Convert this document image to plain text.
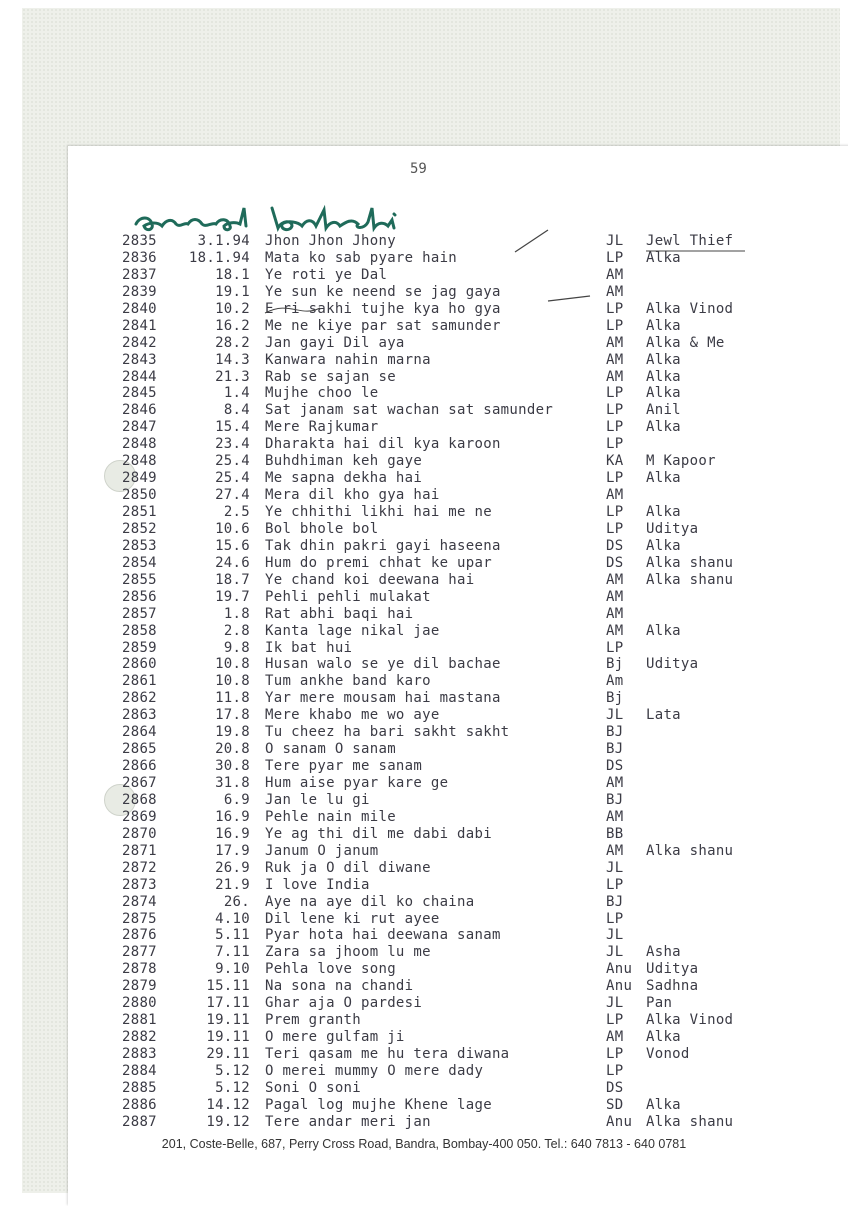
59
2835	3.1.94 Jhon Jhon Jhony	JL Jewl Thief
2836 18.1.94 Mata ko sab pyare hain	LP Alka
2837	18.1 Ye roti ye Dal	AM
2839	19.1 Ye sun ke neend se jag gaya	AM
2840	10.2 E ri sakhi tujhe kya ho gya	LP Alka Vinod
2841	16.2 Me ne kiye par sat samunder	LP Alka
2842	28.2 Jan gayi Dil aya	AM Alka & Me
2843	14.3 Kanwara nahin marna	AM Alka
2844	21.3 Rab se sajan se	AM Alka
2845	1.4 Mujhe choo le	LP Alka
2846	8.4 Sat janam sat wachan sat samunder	LP Anil
2847	15.4 Mere Rajkumar	LP Alka
2848	23.4 Dharakta hai dil kya karoon	LP
2848	25.4 Buhdhiman keh gaye	KA M Kapoor
2849	25.4 Me sapna dekha hai	LP Alka
2850	27.4 Mera dil kho gya hai	AM
2851	2.5 Ye chhithi likhi hai me ne	LP Alka
2852	10.6 Bol bhole bol	LP Uditya
2853	15.6 Tak dhin pakri gayi haseena	DS Alka
2854	24.6 Hum do premi chhat ke upar	DS Alka shanu
2855	18.7 Ye chand koi deewana hai	AM Alka shanu
2856	19.7 Pehli pehli mulakat	AM
2857	1.8 Rat abhi baqi hai	AM
2858	2.8 Kanta lage nikal jae	AM Alka
2859	9.8 Ik bat hui	LP
2860	10.8 Husan walo se ye dil bachae	Bj Uditya
2861	10.8 Tum ankhe band karo	Am
2862	11.8 Yar mere mousam hai mastana	Bj
2863	17.8 Mere khabo me wo aye	JL Lata
2864	19.8 Tu cheez ha bari sakht sakht	BJ
2865	20.8 O sanam O sanam	BJ
2866	30.8 Tere pyar me sanam	DS
2867	31.8 Hum aise pyar kare ge	AM
2868	6.9 Jan le lu gi	BJ
2869	16.9 Pehle nain mile	AM
2870	16.9 Ye ag thi dil me dabi dabi	BB
2871	17.9 Janum O janum	AM Alka shanu
2872	26.9 Ruk ja O dil diwane	JL
2873	21.9 I love India	LP
2874	26. Aye na aye dil ko chaina	BJ
2875	4.10 Dil lene ki rut ayee	LP
2876	5.11 Pyar hota hai deewana sanam	JL
2877	7.11 Zara sa jhoom lu me	JL Asha
2878	9.10 Pehla love song	Anu Uditya
2879	15.11 Na sona na chandi	Anu Sadhna
2880	17.11 Ghar aja O pardesi	JL Pan
2881	19.11 Prem granth	LP Alka Vinod
2882	19.11 O mere gulfam ji	AM Alka
2883	29.11 Teri qasam me hu tera diwana	LP Vonod
2884	5.12 O merei mummy O mere dady	LP
2885	5.12 Soni O soni	DS
2886	14.12 Pagal log mujhe Khene lage	SD Alka
2887	19.12 Tere andar meri jan	Anu Alka shanu
201, Coste-Belle, 687, Perry Cross Road, Bandra, Bombay-400 050. Tel.: 640 7813 - 640 0781
